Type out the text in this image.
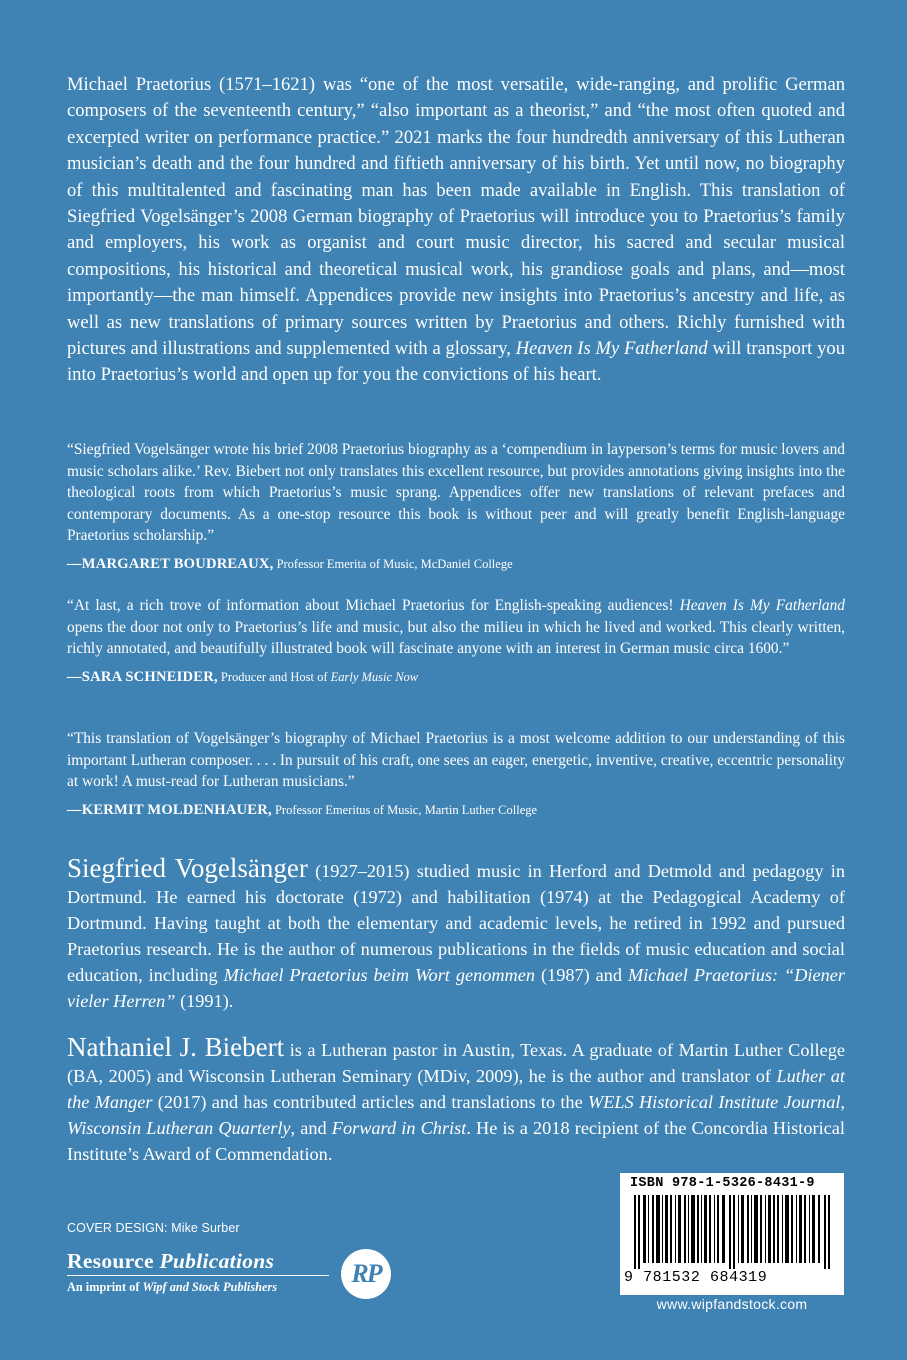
Michael Praetorius (1571–1621) was “one of the most versatile, wide-ranging, and prolific German composers of the seventeenth century,” “also important as a theorist,” and “the most often quoted and excerpted writer on performance practice.” 2021 marks the four hundredth anniversary of this Lutheran musician’s death and the four hundred and fiftieth anniversary of his birth. Yet until now, no biography of this multitalented and fascinating man has been made available in English. This translation of Siegfried Vogelsänger’s 2008 German biography of Praetorius will introduce you to Praetorius’s family and employers, his work as organist and court music director, his sacred and secular musical compositions, his historical and theoretical musical work, his grandiose goals and plans, and—most importantly—the man himself. Appendices provide new insights into Praetorius’s ancestry and life, as well as new translations of primary sources written by Praetorius and others. Richly furnished with pictures and illustrations and supplemented with a glossary, Heaven Is My Fatherland will transport you into Praetorius’s world and open up for you the convictions of his heart.
“Siegfried Vogelsänger wrote his brief 2008 Praetorius biography as a ‘compendium in layperson’s terms for music lovers and music scholars alike.’ Rev. Biebert not only translates this excellent resource, but provides annotations giving insights into the theological roots from which Praetorius’s music sprang. Appendices offer new translations of relevant prefaces and contemporary documents. As a one-stop resource this book is without peer and will greatly benefit English-language Praetorius scholarship.”
—MARGARET BOUDREAUX, Professor Emerita of Music, McDaniel College
“At last, a rich trove of information about Michael Praetorius for English-speaking audiences! Heaven Is My Fatherland opens the door not only to Praetorius’s life and music, but also the milieu in which he lived and worked. This clearly written, richly annotated, and beautifully illustrated book will fascinate anyone with an interest in German music circa 1600.”
—SARA SCHNEIDER, Producer and Host of Early Music Now
“This translation of Vogelsänger’s biography of Michael Praetorius is a most welcome addition to our understanding of this important Lutheran composer. . . . In pursuit of his craft, one sees an eager, energetic, inventive, creative, eccentric personality at work! A must-read for Lutheran musicians.”
—KERMIT MOLDENHAUER, Professor Emeritus of Music, Martin Luther College
Siegfried Vogelsänger (1927–2015) studied music in Herford and Detmold and pedagogy in Dortmund. He earned his doctorate (1972) and habilitation (1974) at the Pedagogical Academy of Dortmund. Having taught at both the elementary and academic levels, he retired in 1992 and pursued Praetorius research. He is the author of numerous publications in the fields of music education and social education, including Michael Praetorius beim Wort genommen (1987) and Michael Praetorius: “Diener vieler Herren” (1991).
Nathaniel J. Biebert is a Lutheran pastor in Austin, Texas. A graduate of Martin Luther College (BA, 2005) and Wisconsin Lutheran Seminary (MDiv, 2009), he is the author and translator of Luther at the Manger (2017) and has contributed articles and translations to the WELS Historical Institute Journal, Wisconsin Lutheran Quarterly, and Forward in Christ. He is a 2018 recipient of the Concordia Historical Institute’s Award of Commendation.
COVER DESIGN: Mike Surber
Resource Publications
An imprint of Wipf and Stock Publishers	RP
ISBN 978-1-5326-8431-9
9 781532 684319
www.wipfandstock.com
